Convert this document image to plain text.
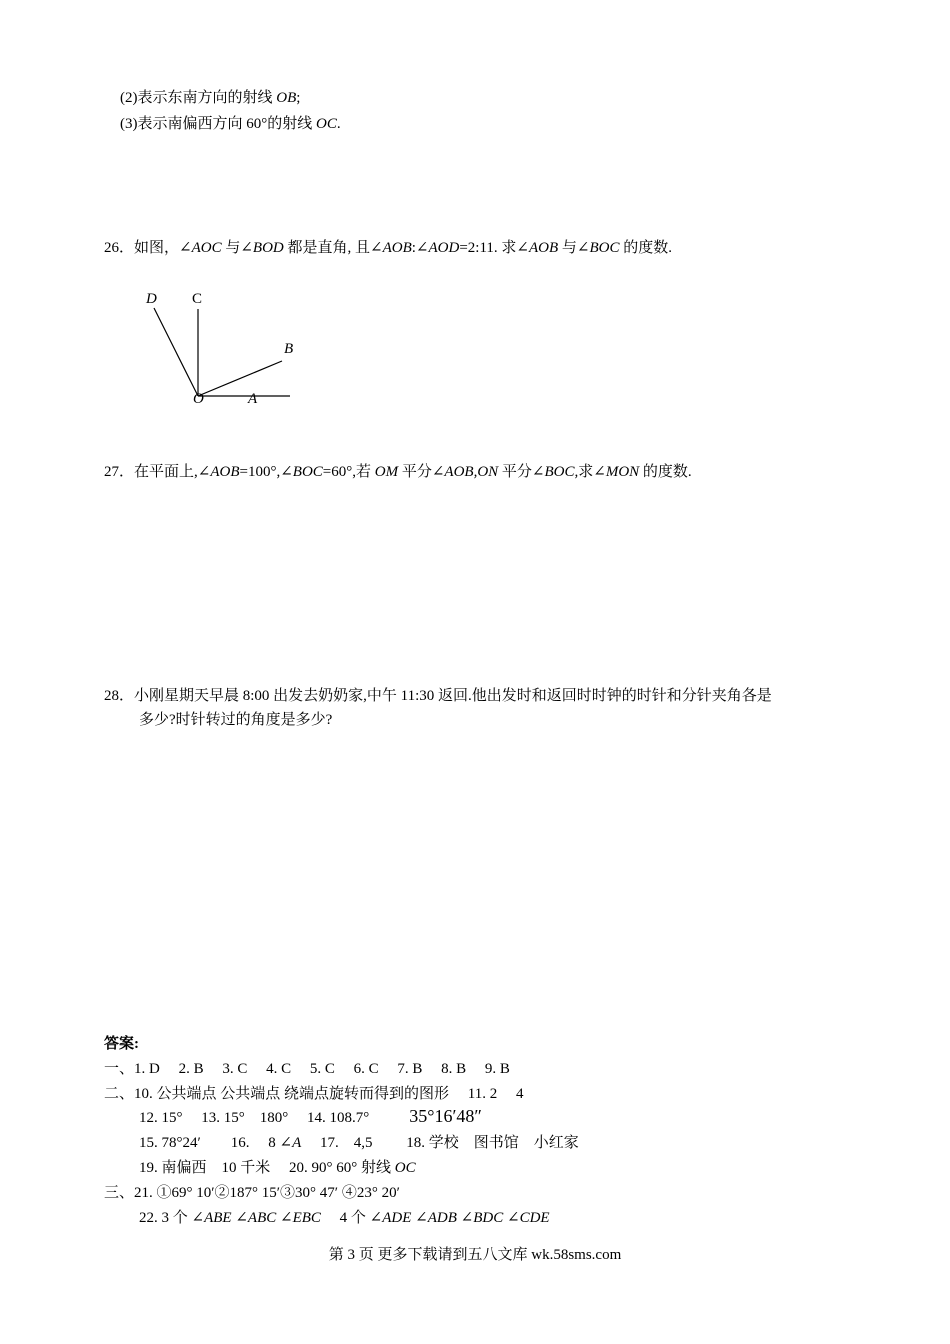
(2)表示东南方向的射线 OB;
(3)表示南偏西方向 60°的射线 OC.
26．如图，∠AOC 与∠BOD 都是直角, 且∠AOB:∠AOD=2:11. 求∠AOB 与∠BOC 的度数.
D C
B
O	A
27．在平面上,∠AOB=100°,∠BOC=60°,若 OM 平分∠AOB,ON 平分∠BOC,求∠MON 的度数.
28．小刚星期天早晨 8:00 出发去奶奶家,中午 11:30 返回.他出发时和返回时时钟的时针和分针夹角各是
多少?时针转过的角度是多少?
答案:
一、1. D　 2. B　 3. C　 4. C　 5. C　 6. C　 7. B　 8. B　 9. B
二、10. 公共端点 公共端点 绕端点旋转而得到的图形　 11. 2　 4
12. 15°　 13. 15°　180°　 14. 108.7° 35°16′48″
15. 78°24′　　16.　 8 ∠A　 17.　4,5　　 18. 学校　图书馆　小红家
19. 南偏西　10 千米　 20. 90° 60° 射线 OC
三、21. ①69° 10′②187° 15′③30° 47′ ④23° 20′
22. 3 个 ∠ABE ∠ABC ∠EBC　 4 个 ∠ADE ∠ADB ∠BDC ∠CDE
第 3 页 更多下载请到五八文库 wk.58sms.com
